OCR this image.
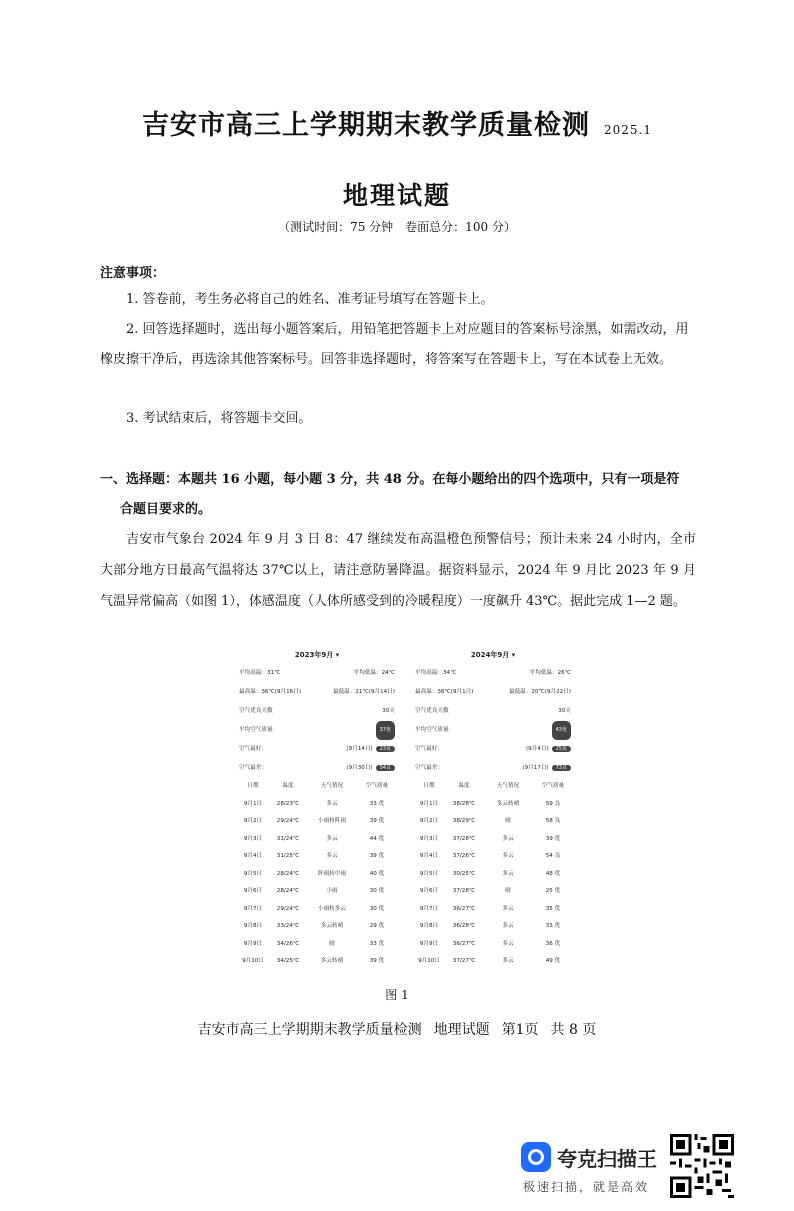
吉安市高三上学期期末教学质量检测 2025.1
地理试题
（测试时间：75 分钟　卷面总分：100 分）
注意事项：
1. 答卷前，考生务必将自己的姓名、准考证号填写在答题卡上。
2. 回答选择题时，选出每小题答案后，用铅笔把答题卡上对应题目的答案标号涂黑，如需改动，用橡皮擦干净后，再选涂其他答案标号。回答非选择题时，将答案写在答题卡上，写在本试卷上无效。
3. 考试结束后，将答题卡交回。
一、选择题：本题共 16 小题，每小题 3 分，共 48 分。在每小题给出的四个选项中，只有一项是符
合题目要求的。
吉安市气象台 2024 年 9 月 3 日 8：47 继续发布高温橙色预警信号；预计未来 24 小时内，全市大部分地方日最高气温将达 37℃以上，请注意防暑降温。据资料显示，2024 年 9 月比 2023 年 9 月气温异常偏高（如图 1），体感温度（人体所感受到的冷暖程度）一度飙升 43℃。据此完成 1—2 题。
2023年9月 ▾
平均高温：31℃	平均低温：24℃
最高温：36℃(9月16日)	最低温：21℃(9月14日)
空气优良天数	30天
平均空气质量：	37优
空气最好：	(9月14日) 23优
空气最差：	(9月30日) 54良
日期	温度	天气情况	空气质量
9月1日	28/23℃	多云	33 优
9月2日	29/24℃	小雨转阵雨	39 优
9月3日	31/24℃	多云	44 优
9月4日	31/25℃	多云	39 优
9月5日	28/24℃	阵雨转中雨	40 优
9月6日	28/24℃	小雨	30 优
9月7日	29/24℃	小雨转多云	30 优
9月8日	33/24℃	多云转晴	29 优
9月9日	34/26℃	晴	33 优
9月10日	34/25℃	多云转晴	39 优
2024年9月 ▾
平均高温：34℃	平均低温：26℃
最高温：38℃(9月1日)	最低温：20℃(9月22日)
空气优良天数	30天
平均空气质量：	43优
空气最好：	(9月4日) 25优
空气最差：	(9月17日) 73良
日期	温度	天气情况	空气质量
9月1日	38/28℃	多云转晴	59 良
9月2日	38/29℃	晴	58 良
9月3日	37/28℃	多云	39 优
9月4日	37/26℃	多云	54 良
9月5日	30/25℃	多云	48 优
9月6日	37/28℃	晴	25 优
9月7日	36/27℃	多云	35 优
9月8日	36/28℃	多云	33 优
9月9日	36/27℃	多云	36 优
9月10日	37/27℃	多云	49 优
图 1
吉安市高三上学期期末教学质量检测 地理试题 第1页 共 8 页
夸克扫描王
极速扫描，就是高效
